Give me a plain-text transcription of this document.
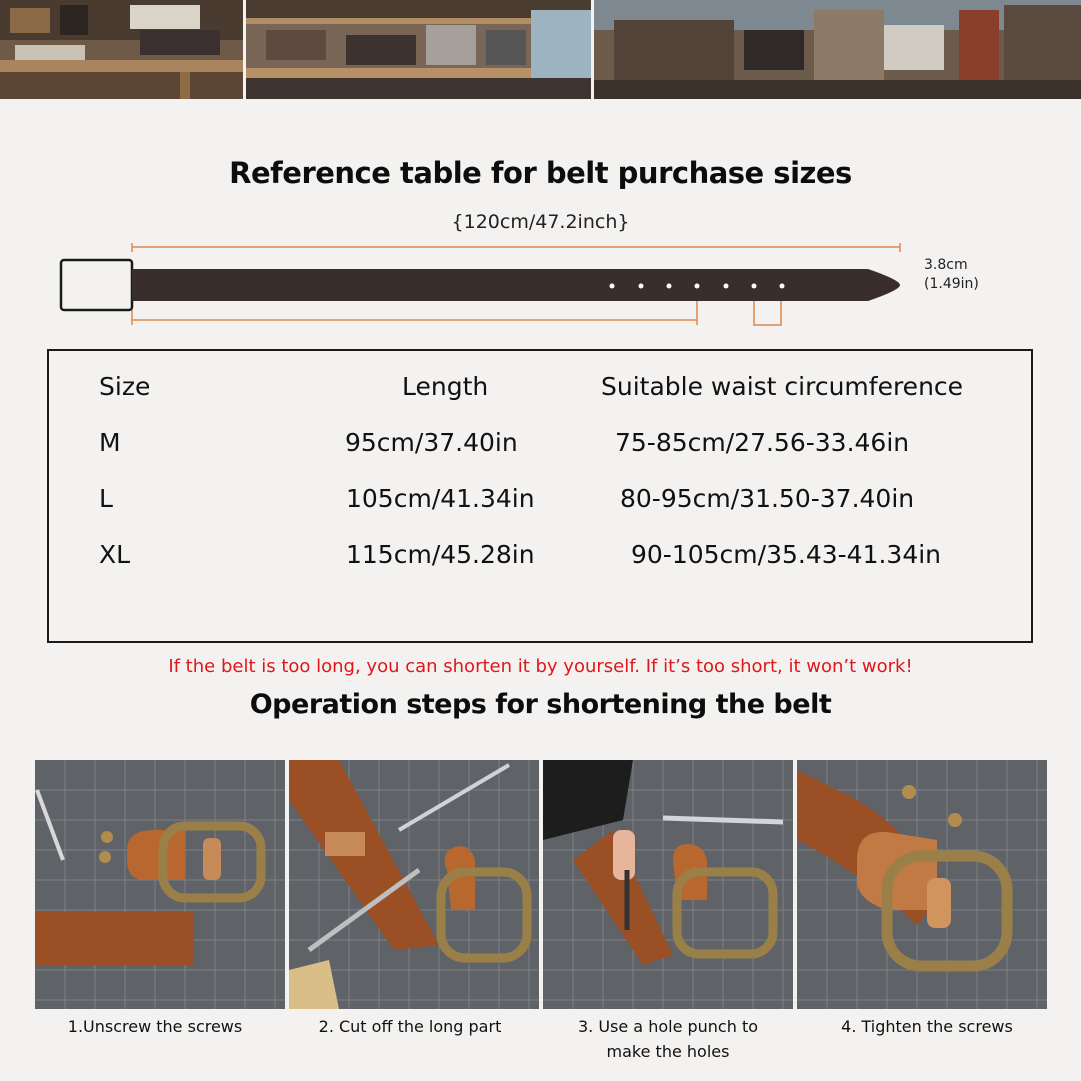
Reference table for belt purchase sizes
{120cm/47.2inch}
3.8cm
(1.49in)
Size	Length	Suitable waist circumference
M	95cm/37.40in	75-85cm/27.56-33.46in
L	105cm/41.34in	80-95cm/31.50-37.40in
XL	115cm/45.28in	90-105cm/35.43-41.34in
If the belt is too long, you can shorten it by yourself. If it’s too short, it won’t work!
Operation steps for shortening the belt
1.Unscrew the screws	2. Cut off the long part	3. Use a hole punch to make the holes
4. Tighten the screws
